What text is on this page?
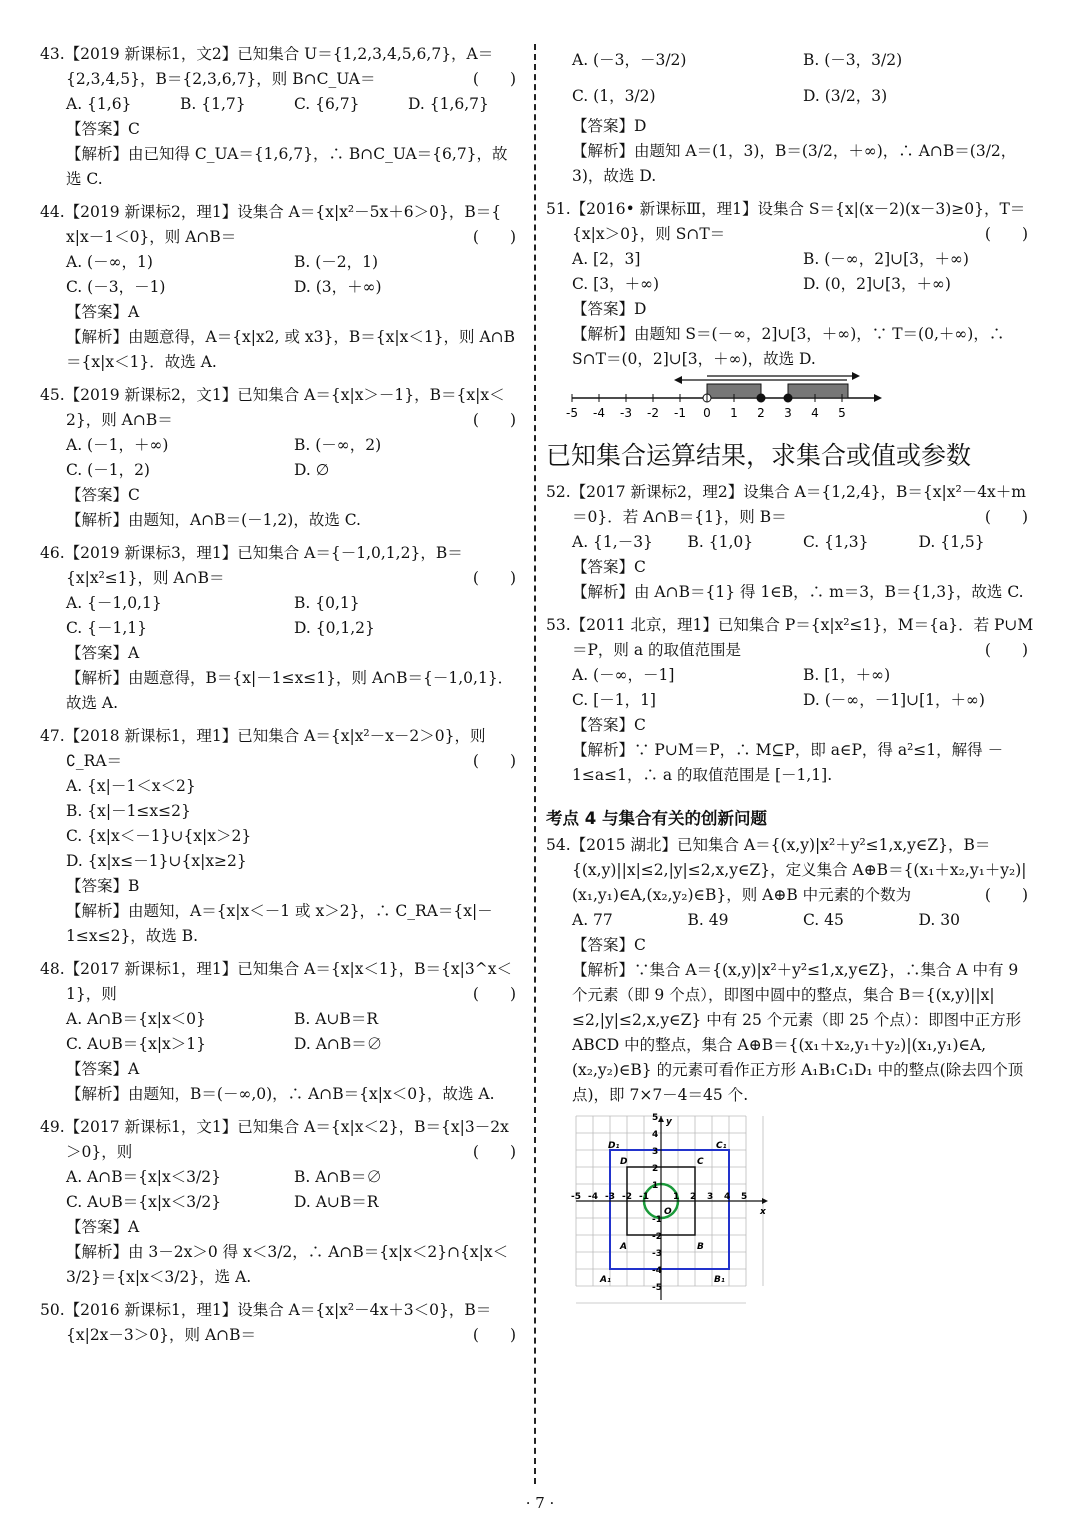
43.【2019 新课标1，文2】已知集合 U＝{1,2,3,4,5,6,7}，A＝{2,3,4,5}，B＝{2,3,6,7}，则 B∩C_UA＝	(　　)
A. {1,6}	B. {1,7}	C. {6,7}	D. {1,6,7}
【答案】C
【解析】由已知得 C_UA＝{1,6,7}，∴ B∩C_UA＝{6,7}，故选 C.
44.【2019 新课标2，理1】设集合 A＝{x|x²－5x＋6＞0}，B＝{ x|x－1＜0}，则 A∩B＝	(　　)
A. (－∞，1)	B. (－2，1)
C. (－3，－1)	D. (3，＋∞)
【答案】A
【解析】由题意得，A＝{x|x2, 或 x3}，B＝{x|x＜1}，则 A∩B＝{x|x＜1}．故选 A.
45.【2019 新课标2，文1】已知集合 A＝{x|x＞－1}，B＝{x|x＜2}，则 A∩B＝	(　　)
A. (－1，＋∞)	B. (－∞，2)
C. (－1，2)	D. ∅
【答案】C
【解析】由题知，A∩B＝(－1,2)，故选 C.
46.【2019 新课标3，理1】已知集合 A＝{－1,0,1,2}，B＝{x|x²≤1}，则 A∩B＝	(　　)
A. {－1,0,1}	B. {0,1}
C. {－1,1}	D. {0,1,2}
【答案】A
【解析】由题意得，B＝{x|－1≤x≤1}，则 A∩B＝{－1,0,1}．故选 A.
47.【2018 新课标1，理1】已知集合 A＝{x|x²－x－2＞0}，则 ∁_RA＝	(　　)
A. {x|－1＜x＜2}
B. {x|－1≤x≤2}
C. {x|x＜－1}∪{x|x＞2}
D. {x|x≤－1}∪{x|x≥2}
【答案】B
【解析】由题知，A＝{x|x＜－1 或 x＞2}，∴ C_RA＝{x|－1≤x≤2}，故选 B.
48.【2017 新课标1，理1】已知集合 A＝{x|x＜1}，B＝{x|3^x＜1}，则	(　　)
A. A∩B＝{x|x＜0}	B. A∪B＝R
C. A∪B＝{x|x＞1}	D. A∩B＝∅
【答案】A
【解析】由题知，B＝(－∞,0)，∴ A∩B＝{x|x＜0}，故选 A.
49.【2017 新课标1，文1】已知集合 A＝{x|x＜2}，B＝{x|3－2x＞0}，则	(　　)
A. A∩B＝{x|x＜3/2}	B. A∩B＝∅
C. A∪B＝{x|x＜3/2}	D. A∪B＝R
【答案】A
【解析】由 3－2x＞0 得 x＜3/2，∴ A∩B＝{x|x＜2}∩{x|x＜3/2}＝{x|x＜3/2}，选 A.
50.【2016 新课标1，理1】设集合 A＝{x|x²－4x＋3＜0}，B＝{x|2x－3＞0}，则 A∩B＝	(　　)
A. (－3，－3/2)	B. (－3，3/2)
C. (1，3/2)	D. (3/2，3)
【答案】D
【解析】由题知 A＝(1，3)，B＝(3/2，＋∞)，∴ A∩B＝(3/2，3)，故选 D.
51.【2016• 新课标Ⅲ，理1】设集合 S＝{x|(x－2)(x－3)≥0}，T＝{x|x＞0}，则 S∩T＝	(　　)
A. [2，3]	B. (－∞，2]∪[3，＋∞)
C. [3，＋∞)	D. (0，2]∪[3，＋∞)
【答案】D
【解析】由题知 S＝(－∞，2]∪[3，＋∞)，∵ T＝(0,＋∞)，∴ S∩T＝(0，2]∪[3，＋∞)，故选 D.
-5 -4 -3 -2 -1 0 1 2 3 4 5
已知集合运算结果，求集合或值或参数
52.【2017 新课标2，理2】设集合 A＝{1,2,4}，B＝{x|x²－4x＋m＝0}．若 A∩B＝{1}，则 B＝	(　　)
A. {1,－3}	B. {1,0}	C. {1,3}	D. {1,5}
【答案】C
【解析】由 A∩B＝{1} 得 1∈B，∴ m＝3，B＝{1,3}，故选 C.
53.【2011 北京，理1】已知集合 P＝{x|x²≤1}，M＝{a}．若 P∪M＝P，则 a 的取值范围是	(　　)
A. (－∞，－1]	B. [1，＋∞)
C. [－1，1]	D. (－∞，－1]∪[1，＋∞)
【答案】C
【解析】∵ P∪M＝P，∴ M⊆P，即 a∈P，得 a²≤1，解得 －1≤a≤1，∴ a 的取值范围是 [－1,1].
考点 4 与集合有关的创新问题
54.【2015 湖北】已知集合 A＝{(x,y)|x²＋y²≤1,x,y∈Z}，B＝{(x,y)||x|≤2,|y|≤2,x,y∈Z}，定义集合 A⊕B＝{(x₁＋x₂,y₁＋y₂)|(x₁,y₁)∈A,(x₂,y₂)∈B}，则 A⊕B 中元素的个数为	(　　)
A. 77	B. 49	C. 45	D. 30
【答案】C
【解析】∵集合 A＝{(x,y)|x²＋y²≤1,x,y∈Z}，∴集合 A 中有 9 个元素（即 9 个点），即图中圆中的整点，集合 B＝{(x,y)||x|≤2,|y|≤2,x,y∈Z} 中有 25 个元素（即 25 个点）：即图中正方形 ABCD 中的整点，集合 A⊕B＝{(x₁＋x₂,y₁＋y₂)|(x₁,y₁)∈A,(x₂,y₂)∈B} 的元素可看作正方形 A₁B₁C₁D₁ 中的整点(除去四个顶点)，即 7×7－4＝45 个.
-5 -4 -3 -2 -1	1 2 3 4 5
5
4
3
2
1
-1
-2
-3
-4
-5
x
y
O
A	B
C
D
A₁	B₁
C₁
D₁
· 7 ·
